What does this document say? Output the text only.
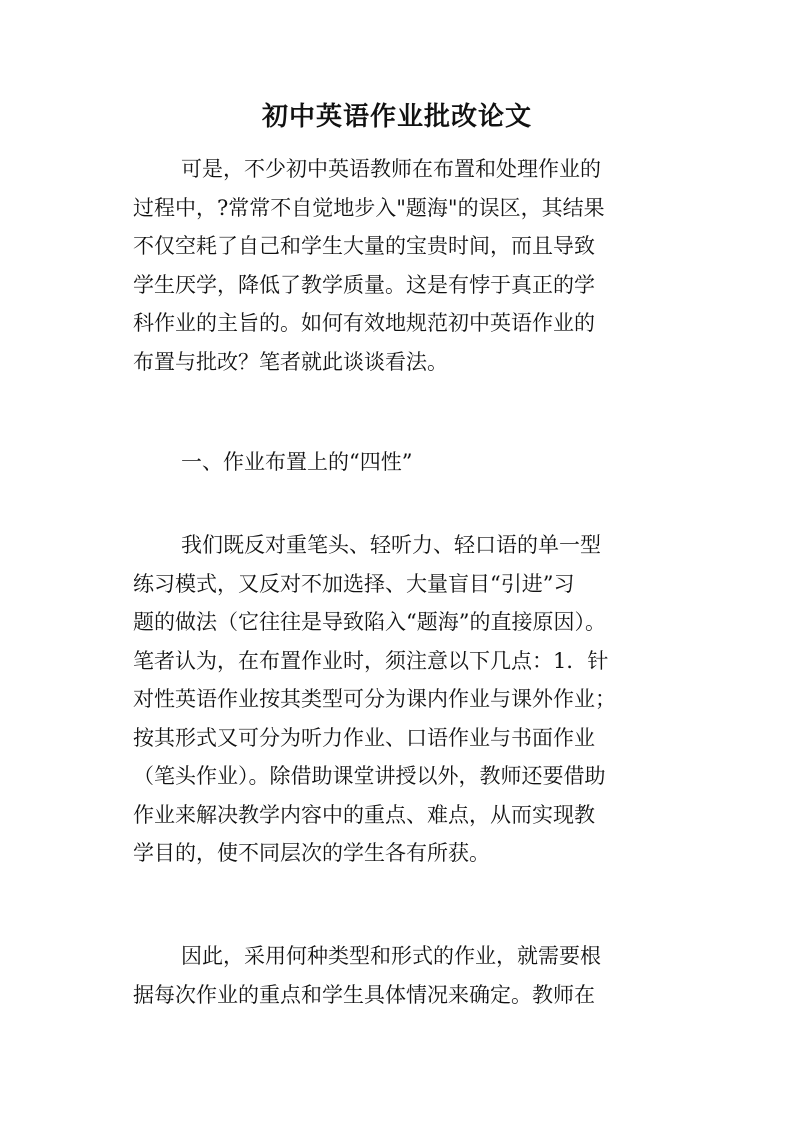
初中英语作业批改论文

可是，不少初中英语教师在布置和处理作业的
过程中，?常常不自觉地步入"题海"的误区，其结果
不仅空耗了自己和学生大量的宝贵时间，而且导致
学生厌学，降低了教学质量。这是有悖于真正的学
科作业的主旨的。如何有效地规范初中英语作业的
布置与批改？笔者就此谈谈看法。

一、作业布置上的“四性”

我们既反对重笔头、轻听力、轻口语的单一型
练习模式，又反对不加选择、大量盲目“引进”习
题的做法（它往往是导致陷入“题海”的直接原因）。
笔者认为，在布置作业时，须注意以下几点：1．针
对性英语作业按其类型可分为课内作业与课外作业；
按其形式又可分为听力作业、口语作业与书面作业
（笔头作业）。除借助课堂讲授以外，教师还要借助
作业来解决教学内容中的重点、难点，从而实现教
学目的，使不同层次的学生各有所获。

因此，采用何种类型和形式的作业，就需要根
据每次作业的重点和学生具体情况来确定。教师在
